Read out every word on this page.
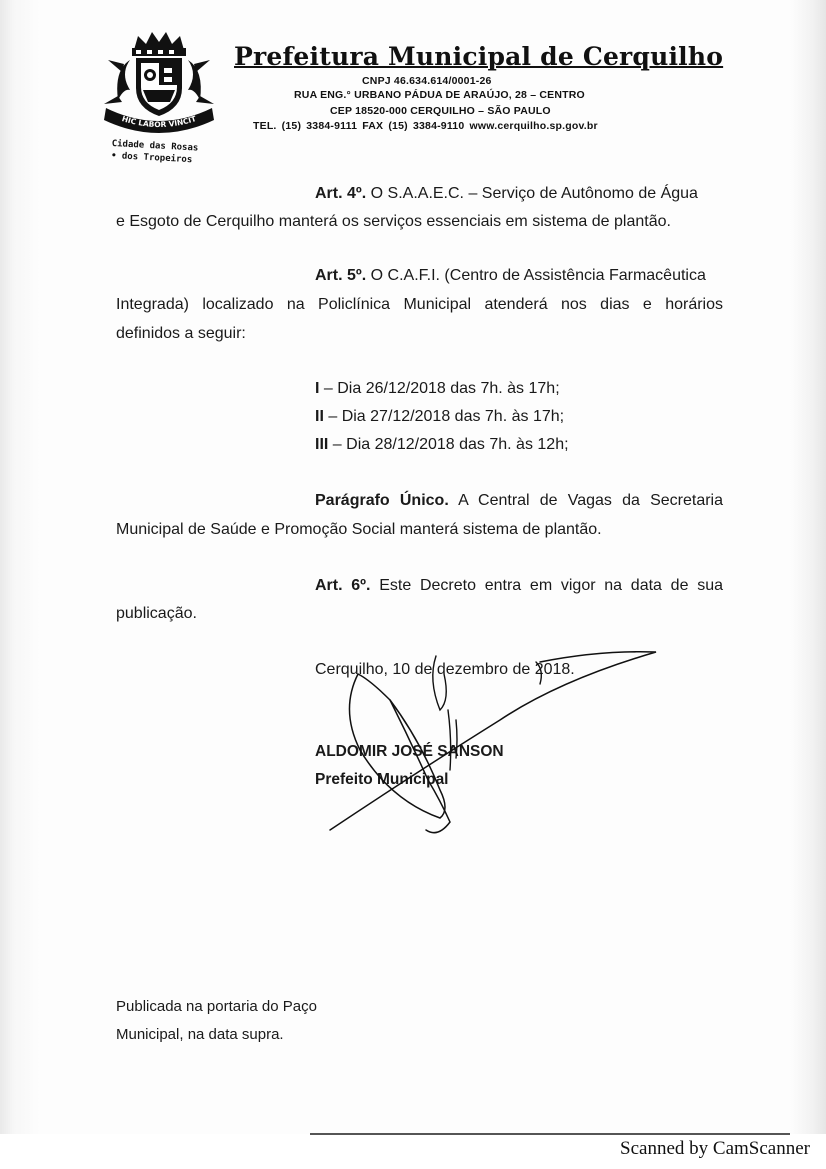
HIC LABOR VINCIT
Cidade das Rosas
• dos Tropeiros
Prefeitura Municipal de Cerquilho
CNPJ 46.634.614/0001-26
RUA ENG.° URBANO PÁDUA DE ARAÚJO, 28 – CENTRO
CEP 18520-000 CERQUILHO – SÃO PAULO
TEL. (15) 3384-9111 FAX (15) 3384-9110 www.cerquilho.sp.gov.br
Art. 4º. O S.A.A.E.C. – Serviço de Autônomo de Água
e Esgoto de Cerquilho manterá os serviços essenciais em sistema de plantão.
Art. 5º. O C.A.F.I. (Centro de Assistência Farmacêutica
Integrada) localizado na Policlínica Municipal atenderá nos dias e horários
definidos a seguir:
I – Dia 26/12/2018 das 7h. às 17h;
II – Dia 27/12/2018 das 7h. às 17h;
III – Dia 28/12/2018 das 7h. às 12h;
Parágrafo Único. A Central de Vagas da Secretaria
Municipal de Saúde e Promoção Social manterá sistema de plantão.
Art. 6º. Este Decreto entra em vigor na data de sua
publicação.
Cerquilho, 10 de dezembro de 2018.
ALDOMIR JOSÉ SANSON
Prefeito Municipal
Publicada na portaria do Paço
Municipal, na data supra.
Scanned by CamScanner
